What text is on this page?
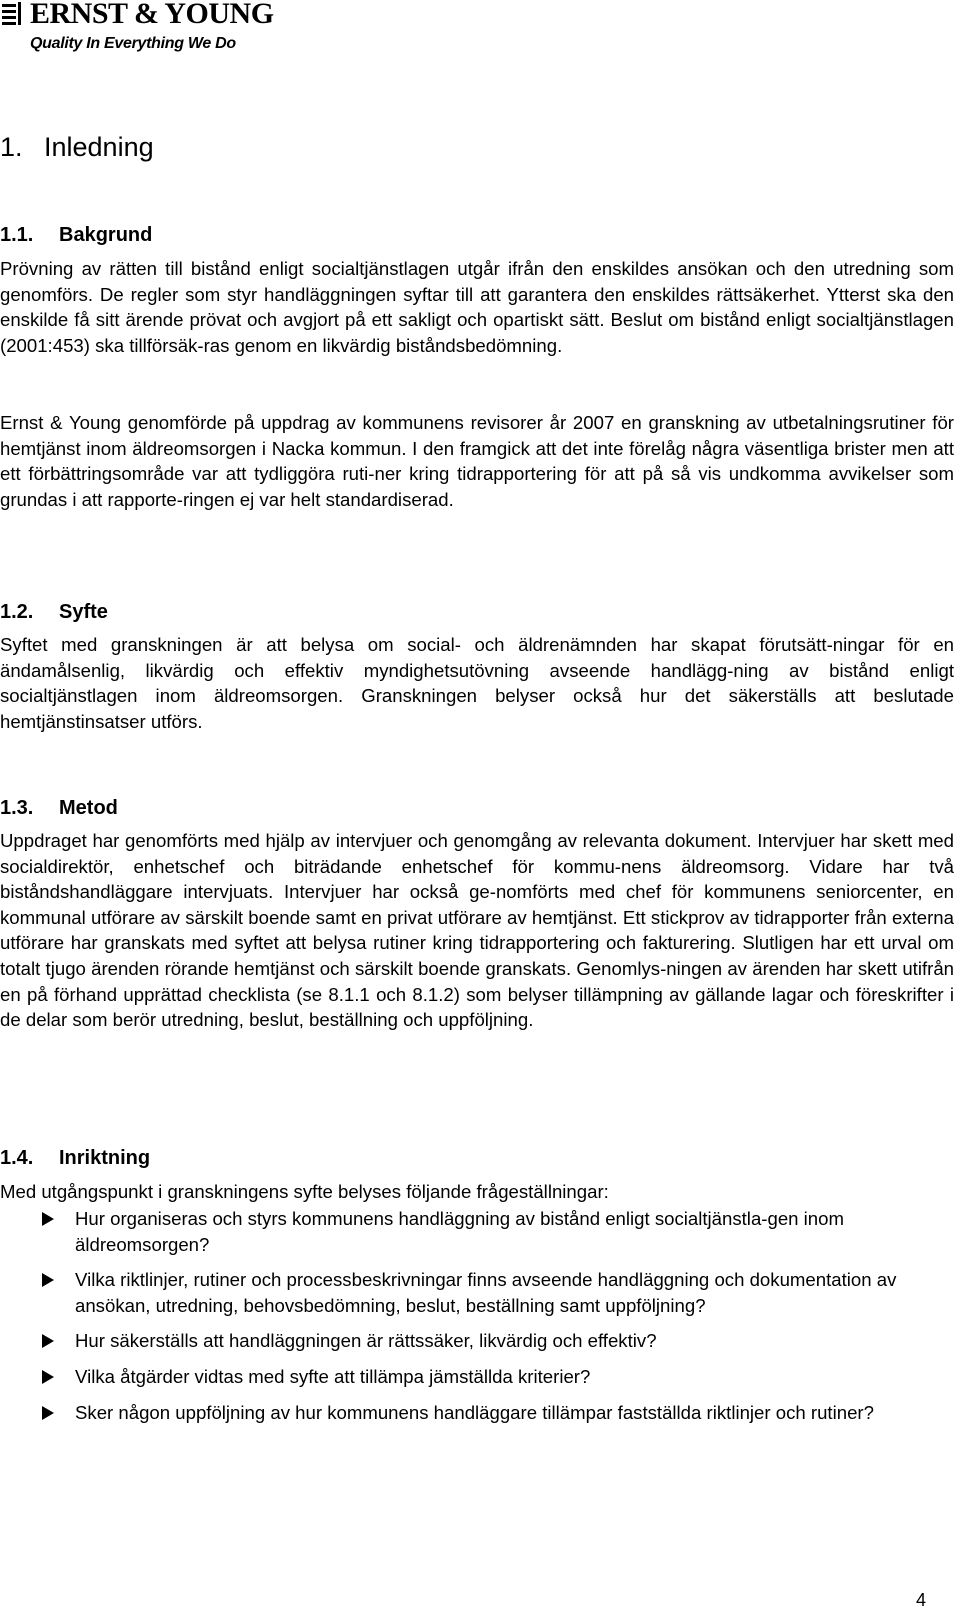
ERNST & YOUNG
Quality In Everything We Do
1. Inledning
1.1. Bakgrund
Prövning av rätten till bistånd enligt socialtjänstlagen utgår ifrån den enskildes ansökan och den utredning som genomförs. De regler som styr handläggningen syftar till att garantera den enskildes rättsäkerhet. Ytterst ska den enskilde få sitt ärende prövat och avgjort på ett sakligt och opartiskt sätt. Beslut om bistånd enligt socialtjänstlagen (2001:453) ska tillförsäk-ras genom en likvärdig biståndsbedömning.
Ernst & Young genomförde på uppdrag av kommunens revisorer år 2007 en granskning av utbetalningsrutiner för hemtjänst inom äldreomsorgen i Nacka kommun. I den framgick att det inte förelåg några väsentliga brister men att ett förbättringsområde var att tydliggöra ruti-ner kring tidrapportering för att på så vis undkomma avvikelser som grundas i att rapporte-ringen ej var helt standardiserad.
1.2. Syfte
Syftet med granskningen är att belysa om social- och äldrenämnden har skapat förutsätt-ningar för en ändamålsenlig, likvärdig och effektiv myndighetsutövning avseende handlägg-ning av bistånd enligt socialtjänstlagen inom äldreomsorgen. Granskningen belyser också hur det säkerställs att beslutade hemtjänstinsatser utförs.
1.3. Metod
Uppdraget har genomförts med hjälp av intervjuer och genomgång av relevanta dokument. Intervjuer har skett med socialdirektör, enhetschef och biträdande enhetschef för kommu-nens äldreomsorg. Vidare har två biståndshandläggare intervjuats. Intervjuer har också ge-nomförts med chef för kommunens seniorcenter, en kommunal utförare av särskilt boende samt en privat utförare av hemtjänst. Ett stickprov av tidrapporter från externa utförare har granskats med syftet att belysa rutiner kring tidrapportering och fakturering. Slutligen har ett urval om totalt tjugo ärenden rörande hemtjänst och särskilt boende granskats. Genomlys-ningen av ärenden har skett utifrån en på förhand upprättad checklista (se 8.1.1 och 8.1.2) som belyser tillämpning av gällande lagar och föreskrifter i de delar som berör utredning, beslut, beställning och uppföljning.
1.4. Inriktning
Med utgångspunkt i granskningens syfte belyses följande frågeställningar:
Hur organiseras och styrs kommunens handläggning av bistånd enligt socialtjänstla-gen inom äldreomsorgen?
Vilka riktlinjer, rutiner och processbeskrivningar finns avseende handläggning och dokumentation av ansökan, utredning, behovsbedömning, beslut, beställning samt uppföljning?
Hur säkerställs att handläggningen är rättssäker, likvärdig och effektiv?
Vilka åtgärder vidtas med syfte att tillämpa jämställda kriterier?
Sker någon uppföljning av hur kommunens handläggare tillämpar fastställda riktlinjer och rutiner?
4
